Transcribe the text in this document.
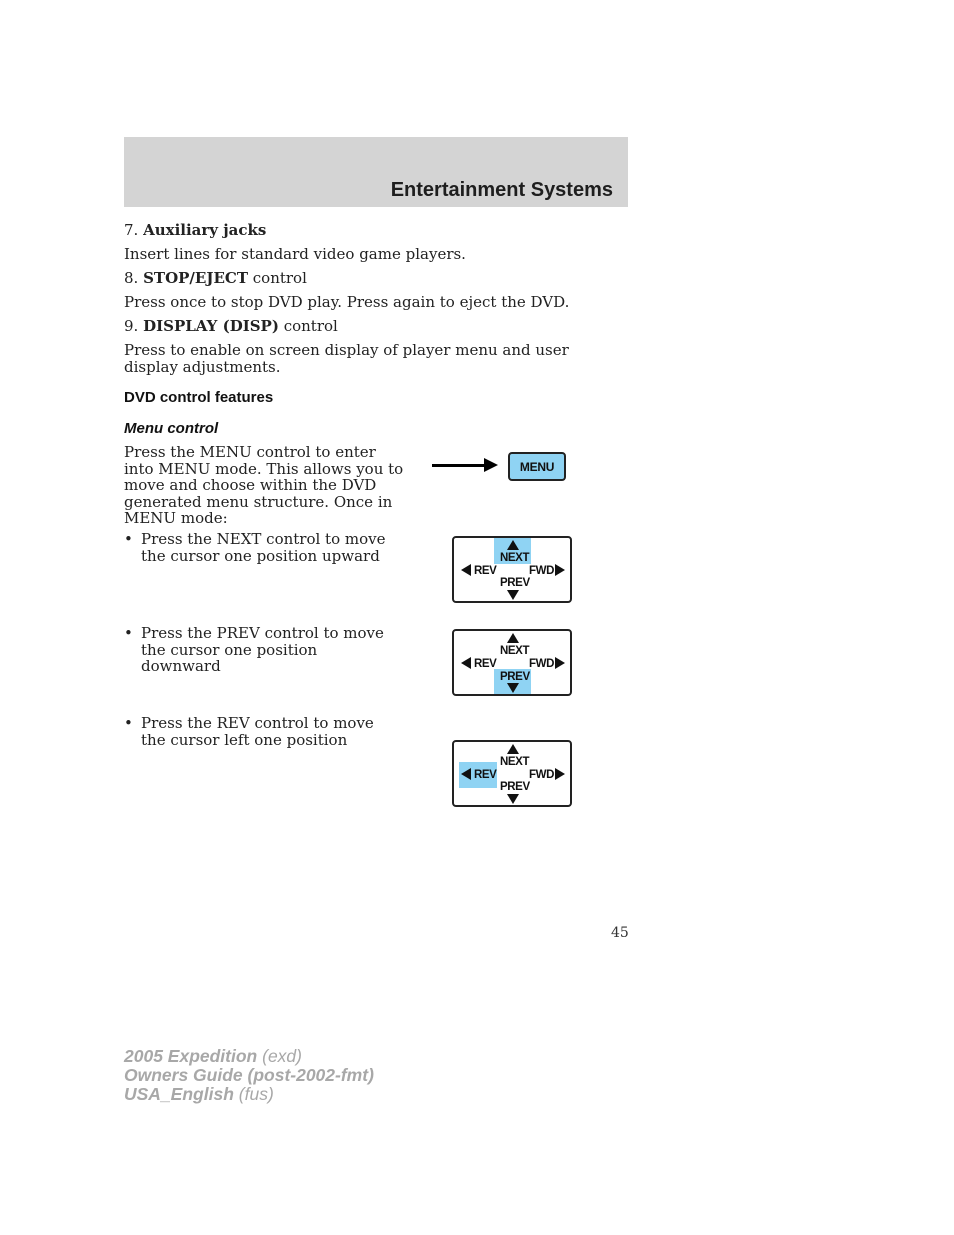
Entertainment Systems

7. Auxiliary jacks

Insert lines for standard video game players.

8. STOP/EJECT control

Press once to stop DVD play. Press again to eject the DVD.

9. DISPLAY (DISP) control

Press to enable on screen display of player menu and user display adjustments.

DVD control features
Menu control
Press the MENU control to enter
into MENU mode. This allows you to
move and choose within the DVD
generated menu structure. Once in
MENU mode:
• Press the NEXT control to move
the cursor one position upward
• Press the PREV control to move
the cursor one position downward
• Press the REV control to move
the cursor left one position
MENU
NEXT
REV	FWD
PREV
NEXT
REV	FWD
PREV
NEXT
REV	FWD
PREV
45
2005 Expedition (exd)
Owners Guide (post-2002-fmt)
USA_English (fus)
